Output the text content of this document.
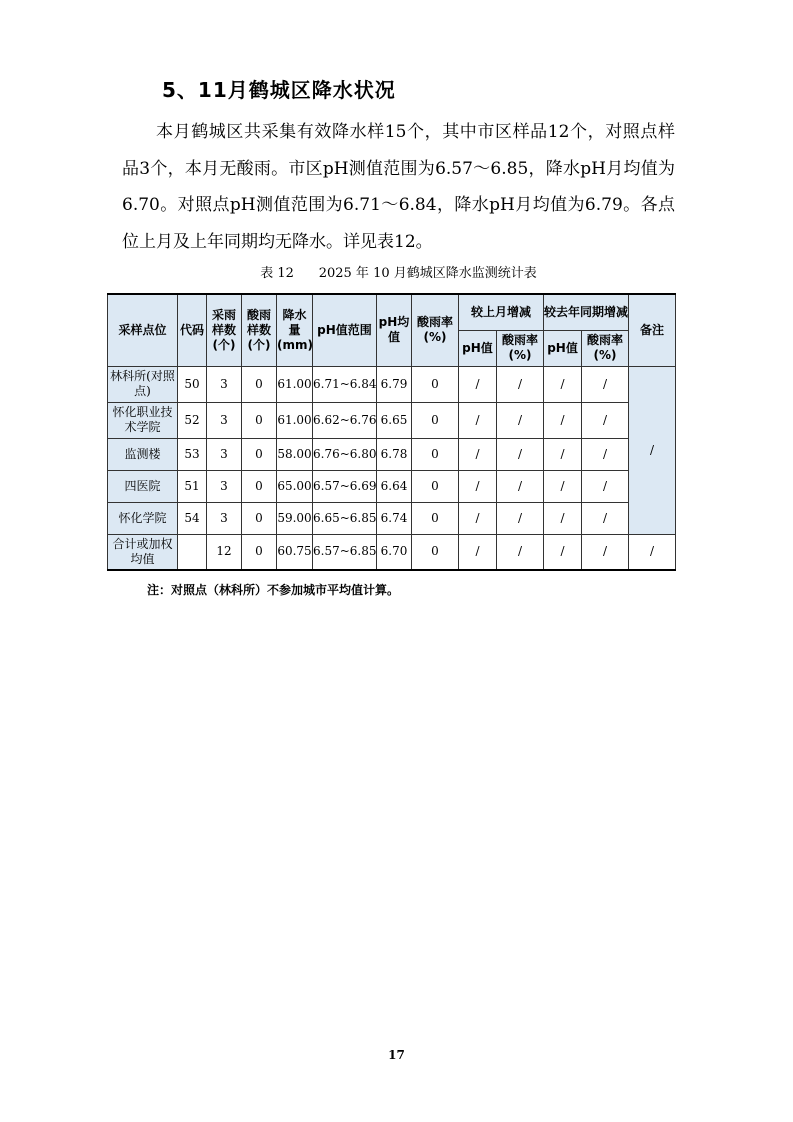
5、11月鹤城区降水状况
本月鹤城区共采集有效降水样15个，其中市区样品12个，对照点样品3个，本月无酸雨。市区pH测值范围为6.57～6.85，降水pH月均值为6.70。对照点pH测值范围为6.71～6.84，降水pH月均值为6.79。各点位上月及上年同期均无降水。详见表12。
表 12      2025 年 10 月鹤城区降水监测统计表
采样点位	代码	采雨样数(个)	酸雨样数(个)	降水量(mm)	pH值范围	pH均值	酸雨率(%)	较上月增减		较去年同期增减		备注
								pH值	酸雨率(%)	pH值	酸雨率(%)	
林科所(对照点)	50	3	0	61.00	6.71~6.84	6.79	0	/	/	/	/	/
怀化职业技术学院	52	3	0	61.00	6.62~6.76	6.65	0	/	/	/	/	
监测楼	53	3	0	58.00	6.76~6.80	6.78	0	/	/	/	/	
四医院	51	3	0	65.00	6.57~6.69	6.64	0	/	/	/	/	
怀化学院	54	3	0	59.00	6.65~6.85	6.74	0	/	/	/	/	
合计或加权均值		12	0	60.75	6.57~6.85	6.70	0	/	/	/	/	/
注：对照点（林科所）不参加城市平均值计算。
17
